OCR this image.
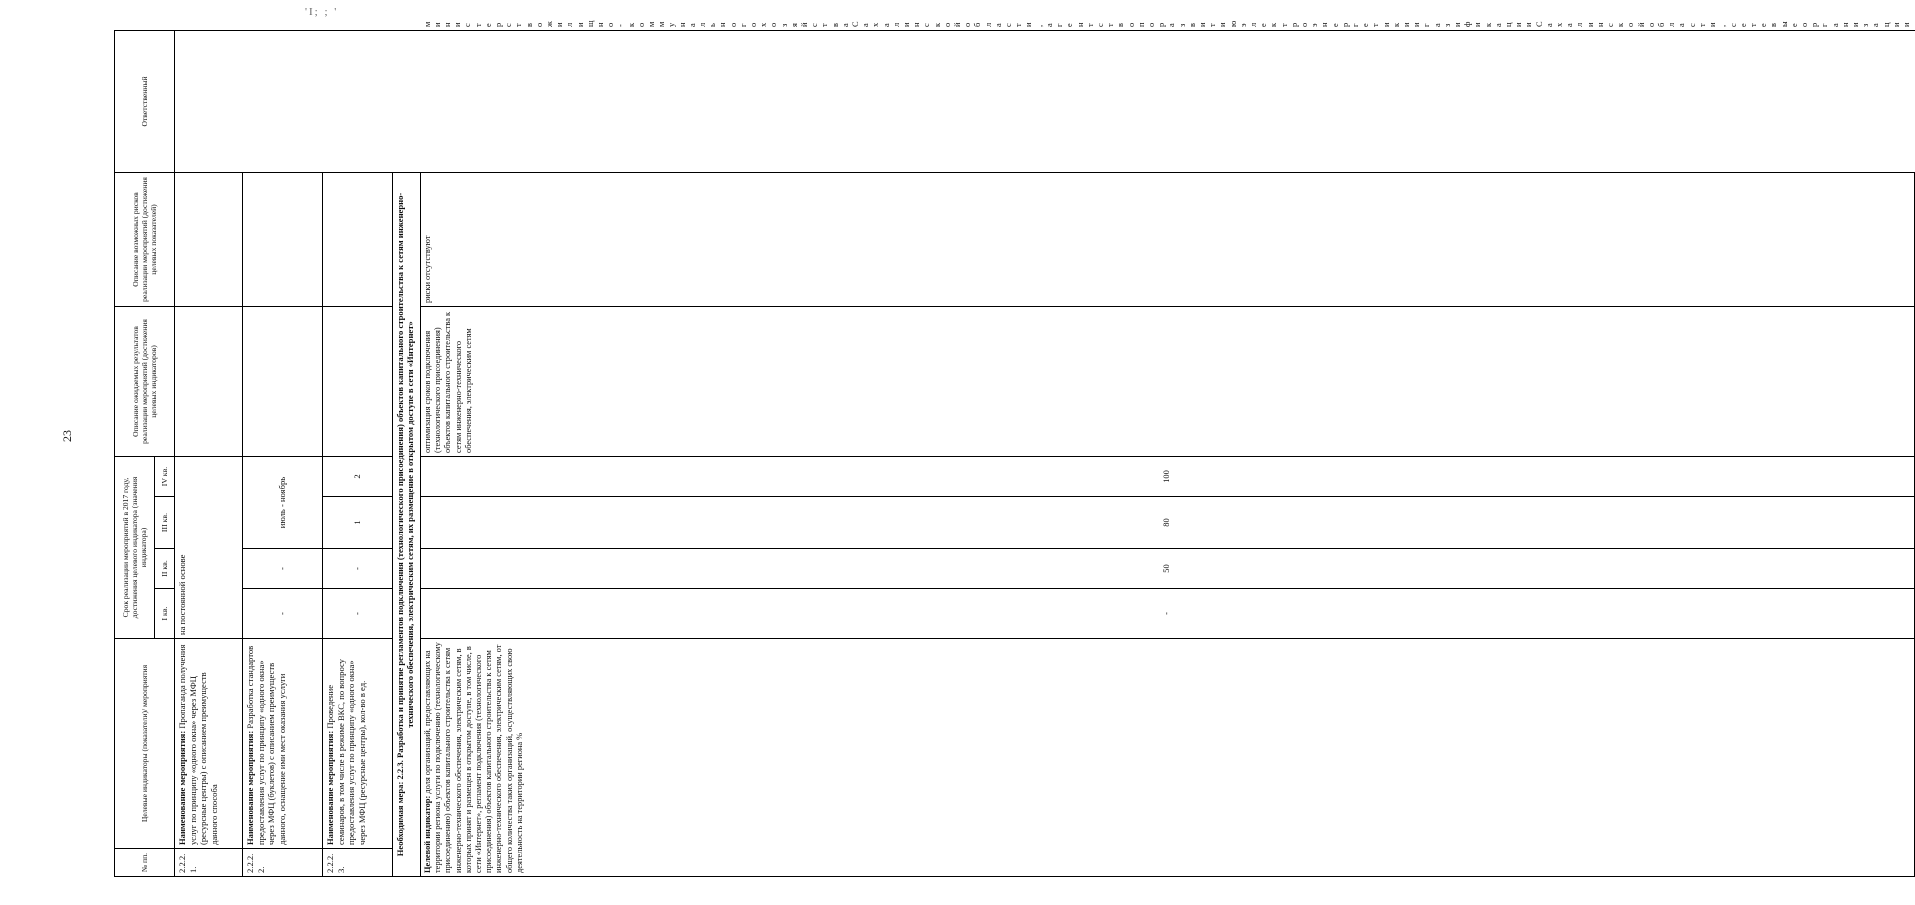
'I; ; '
23
№ пп.	Целевые индикаторы (показатели)/ мероприятия	Срок реализации мероприятий в 2017 году, достижения целевого индикатора (значения индикатора)				Описание ожидаемых результатов реализации мероприятий (достижения целевых индикаторов)	Описание возможных рисков реализации мероприятий (достижения целевых показателей)	Ответственный	
		I кв.	II кв.	III кв.	IV кв.				
2.2.2.1.	Наименование мероприятия: Пропаганда получения услуг по принципу «одного окна» через МФЦ (ресурсные центры) с описанием преимуществ данного способа	на постоянной основе							
2.2.2.2.	Наименование мероприятия: Разработка стандартов предоставления услуг по принципу «одного окна» через МФЦ (буклетов) с описанием преимуществ данного, оснащение ими мест оказания услуги	-	-	июль - ноябрь					
2.2.2.3.	Наименование мероприятия: Проведение семинаров, в том числе в режиме ВКС, по вопросу предоставления услуг по принципу «одного окна» через МФЦ (ресурсные центры), кол-во в ед.	-	-	1	2				
Необходимая мера: 2.2.3. Разработка и принятие регламентов подключения (технологического присоединения) объектов капитального строительства к сетям инженерно-технического обеспечения, электрическим сетям, их размещение в открытом доступе в сети «Интернет»									
Целевой индикатор: доля организаций, предоставляющих на территории региона услуги по подключению (технологическому присоединению) объектов капитального строительства к сетям инженерно-технического обеспечения, электрическим сетям, в которых принят и размещен в открытом доступе, в том числе, в сети «Интернет», регламент подключения (технологического присоединения) объектов капитального строительства к сетям инженерно-технического обеспечения, электрическим сетям, от общего количества таких организаций, осуществляющих свою деятельность на территории региона %		-	50	80	100	оптимизация сроков подключения (технологического присоединения) объектов капитального строительства к сетям инженерно-технического обеспечения, электрическим сетям	риски отсутствуют		министерство жилищно-коммунального хозяйства Сахалинской области, агентство по развитию электроэнергетики и газификации Сахалинской области, сетевые организации
